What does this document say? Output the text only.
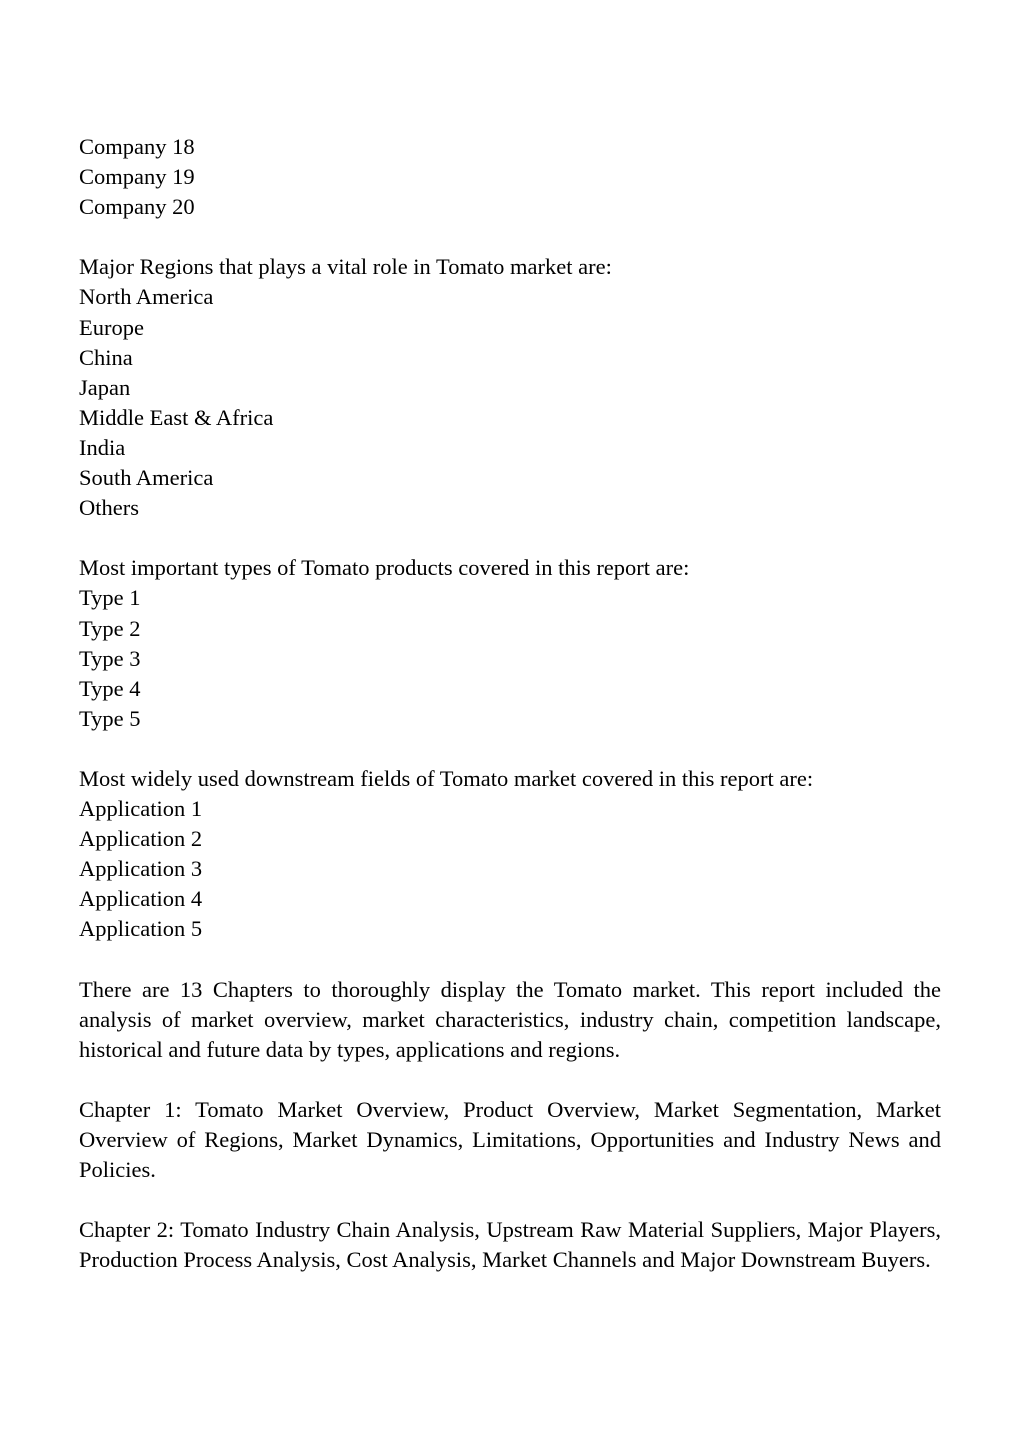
Company 18
Company 19
Company 20
Major Regions that plays a vital role in Tomato market are:
North America
Europe
China
Japan
Middle East & Africa
India
South America
Others
Most important types of Tomato products covered in this report are:
Type 1
Type 2
Type 3
Type 4
Type 5
Most widely used downstream fields of Tomato market covered in this report are:
Application 1
Application 2
Application 3
Application 4
Application 5

There are 13 Chapters to thoroughly display the Tomato market. This report included the analysis of market overview, market characteristics, industry chain, competition landscape, historical and future data by types, applications and regions.

Chapter 1: Tomato Market Overview, Product Overview, Market Segmentation, Market Overview of Regions, Market Dynamics, Limitations, Opportunities and Industry News and Policies.

Chapter 2: Tomato Industry Chain Analysis, Upstream Raw Material Suppliers, Major Players, Production Process Analysis, Cost Analysis, Market Channels and Major Downstream Buyers.
